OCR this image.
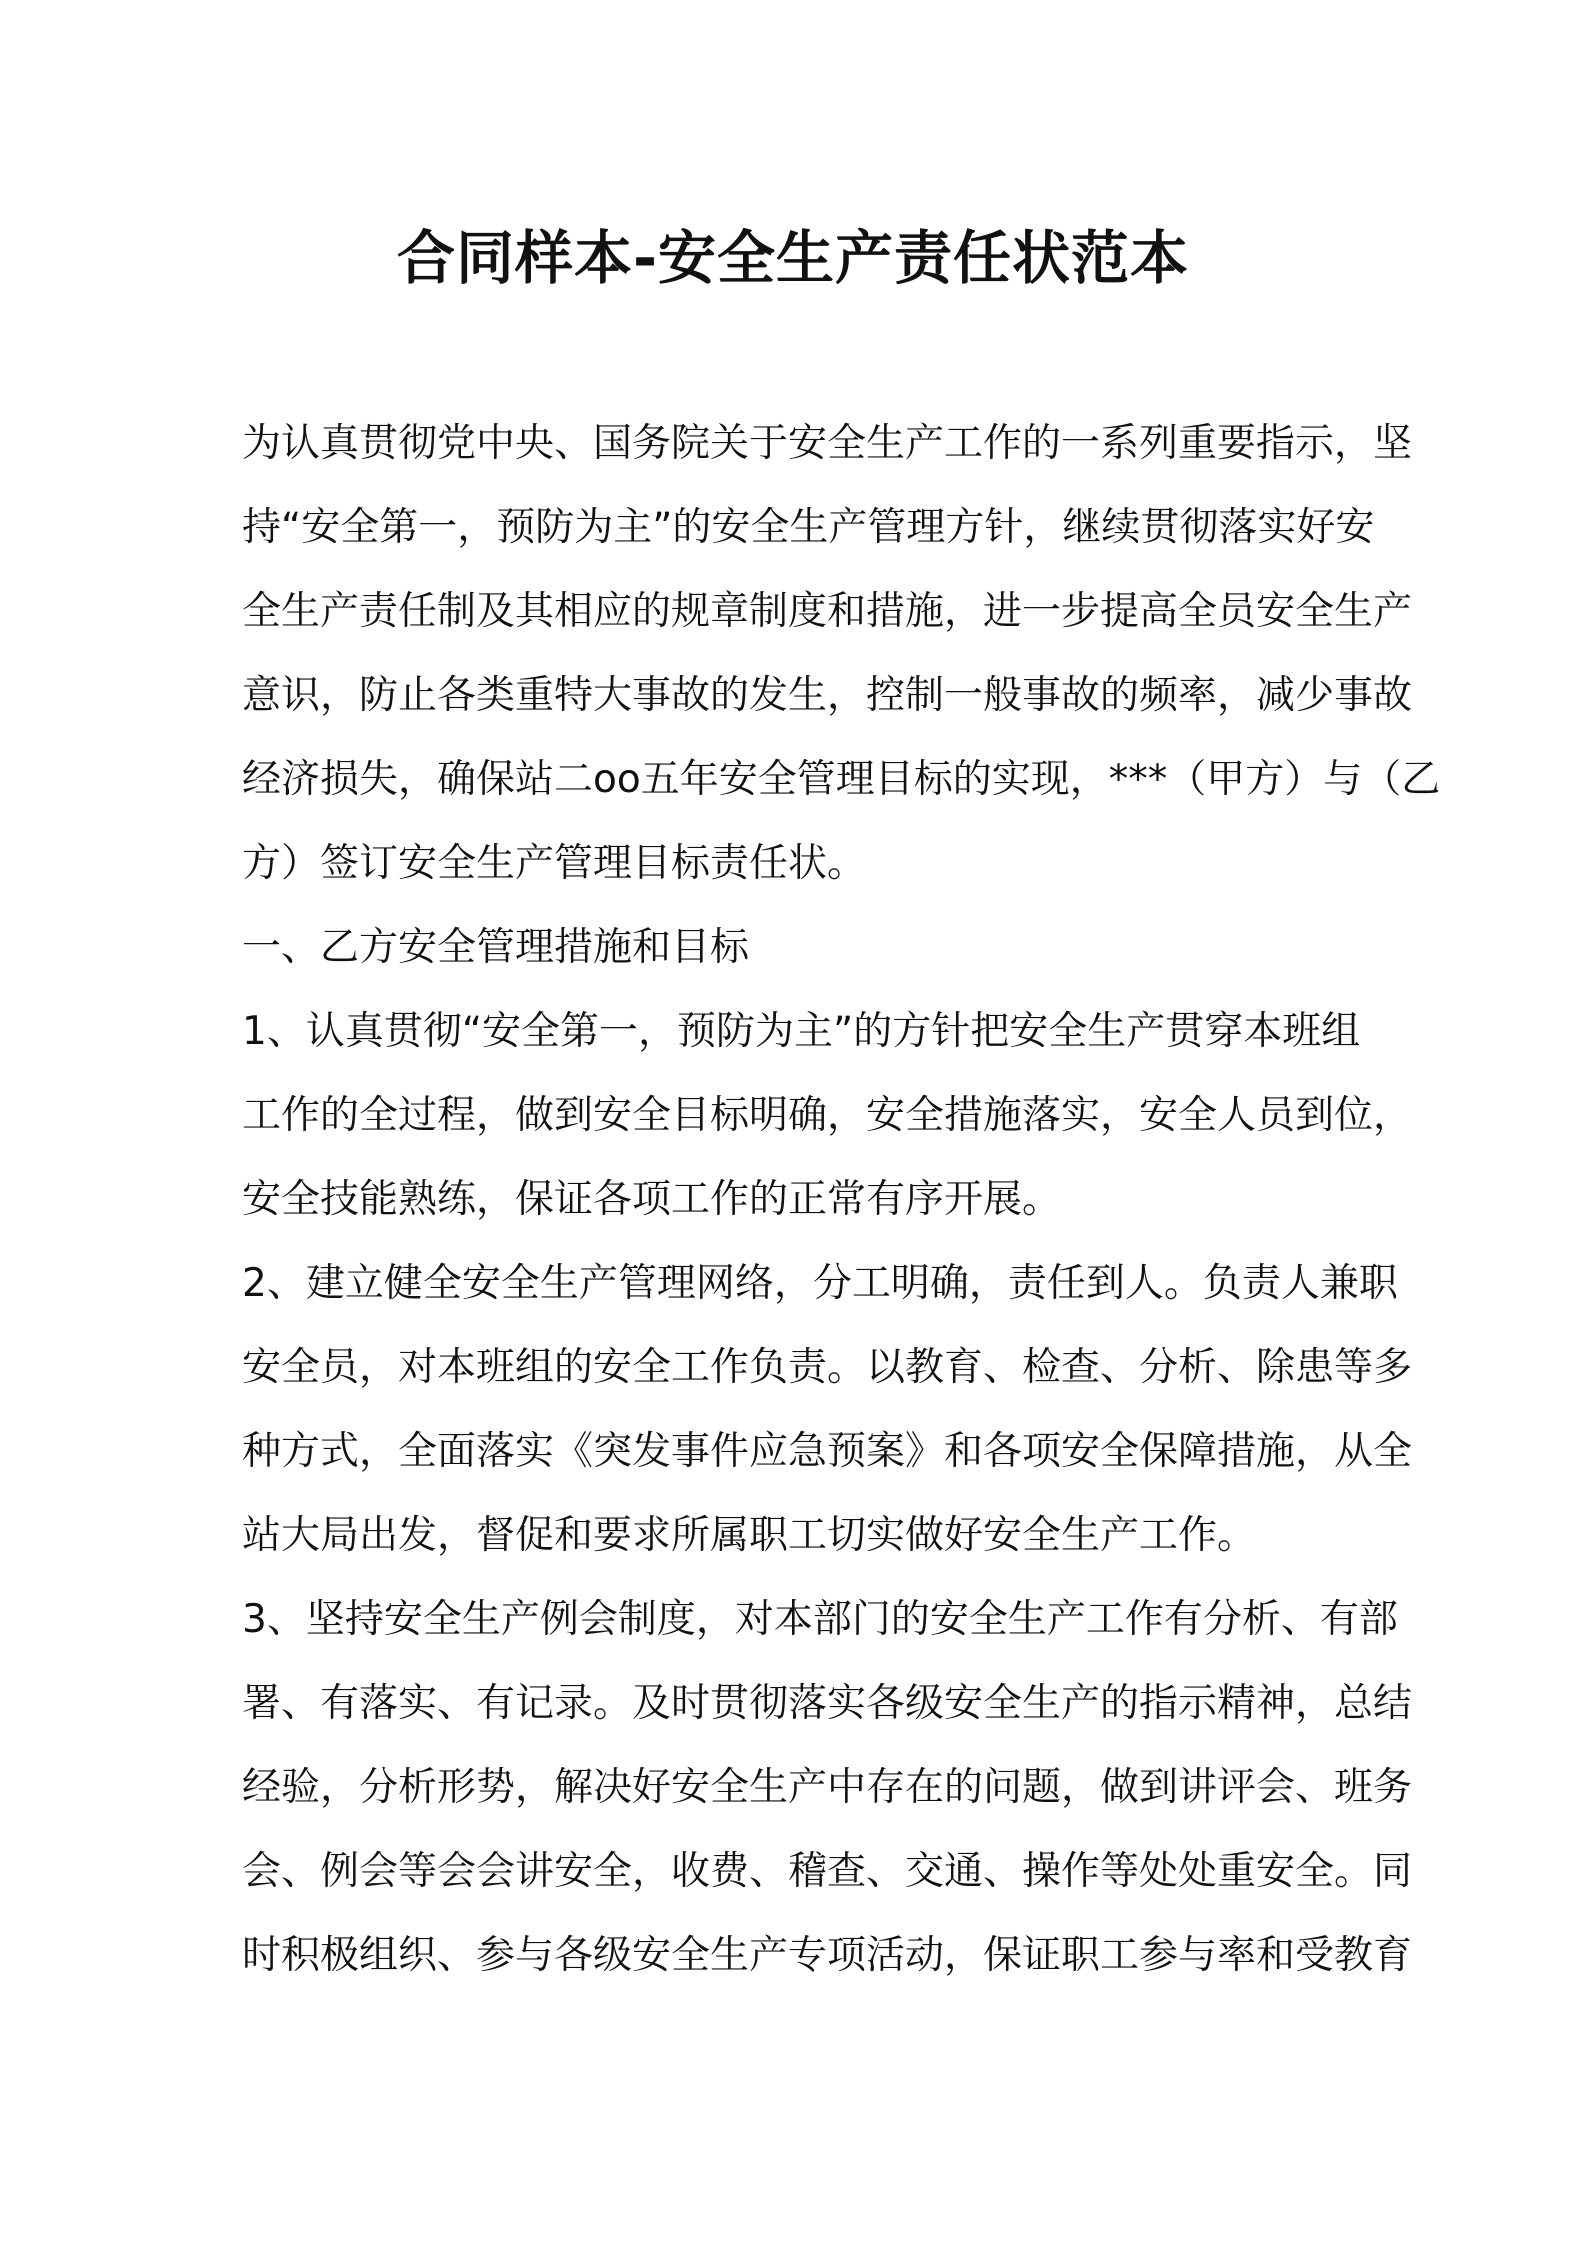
合同样本-安全生产责任状范本
为认真贯彻党中央、国务院关于安全生产工作的一系列重要指示，坚
持“安全第一，预防为主”的安全生产管理方针，继续贯彻落实好安
全生产责任制及其相应的规章制度和措施，进一步提高全员安全生产
意识，防止各类重特大事故的发生，控制一般事故的频率，减少事故
经济损失，确保站二oo五年安全管理目标的实现，***（甲方）与（乙
方）签订安全生产管理目标责任状。
一、乙方安全管理措施和目标
1、认真贯彻“安全第一，预防为主”的方针把安全生产贯穿本班组
工作的全过程，做到安全目标明确，安全措施落实，安全人员到位，
安全技能熟练，保证各项工作的正常有序开展。
2、建立健全安全生产管理网络，分工明确，责任到人。负责人兼职
安全员，对本班组的安全工作负责。以教育、检查、分析、除患等多
种方式，全面落实《突发事件应急预案》和各项安全保障措施，从全
站大局出发，督促和要求所属职工切实做好安全生产工作。
3、坚持安全生产例会制度，对本部门的安全生产工作有分析、有部
署、有落实、有记录。及时贯彻落实各级安全生产的指示精神，总结
经验，分析形势，解决好安全生产中存在的问题，做到讲评会、班务
会、例会等会会讲安全，收费、稽查、交通、操作等处处重安全。同
时积极组织、参与各级安全生产专项活动，保证职工参与率和受教育
